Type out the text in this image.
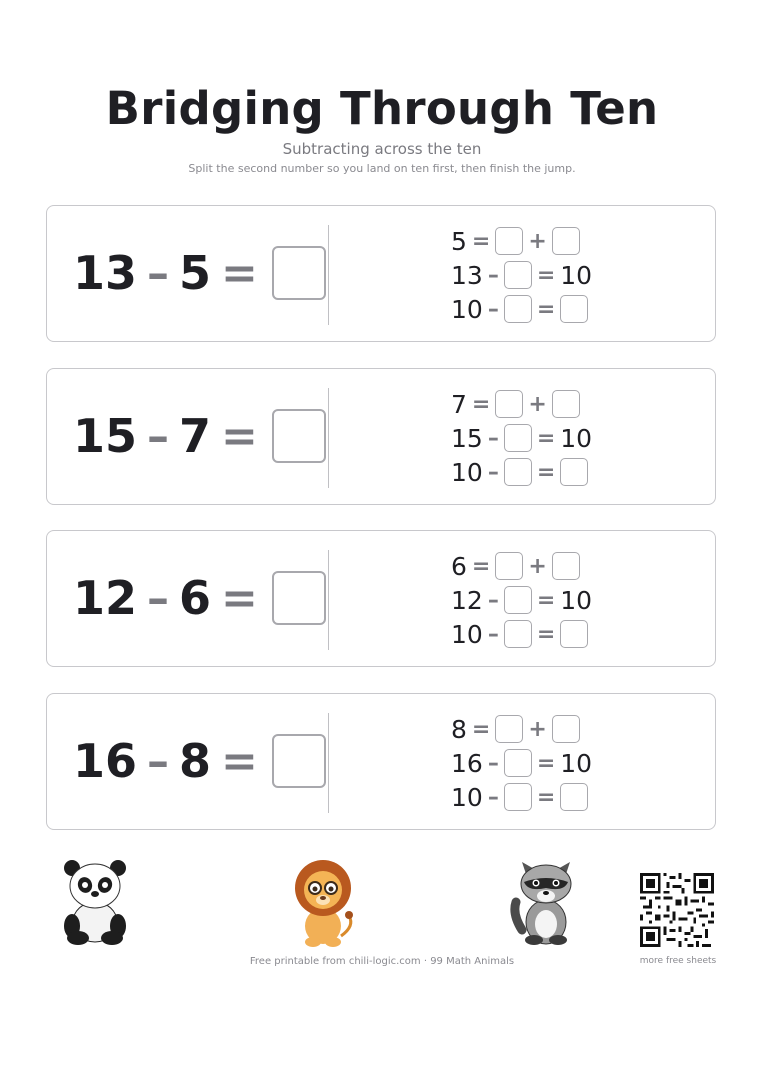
Bridging Through Ten
Subtracting across the ten
Split the second number so you land on ten first, then finish the jump.
13 – 5 =
5 = +
13 – = 10
10 – =
15 – 7 =
7 = +
15 – = 10
10 – =
12 – 6 =
6 = +
12 – = 10
10 – =
16 – 8 =
8 = +
16 – = 10
10 – =
Free printable from chili-logic.com · 99 Math Animals	more free sheets
